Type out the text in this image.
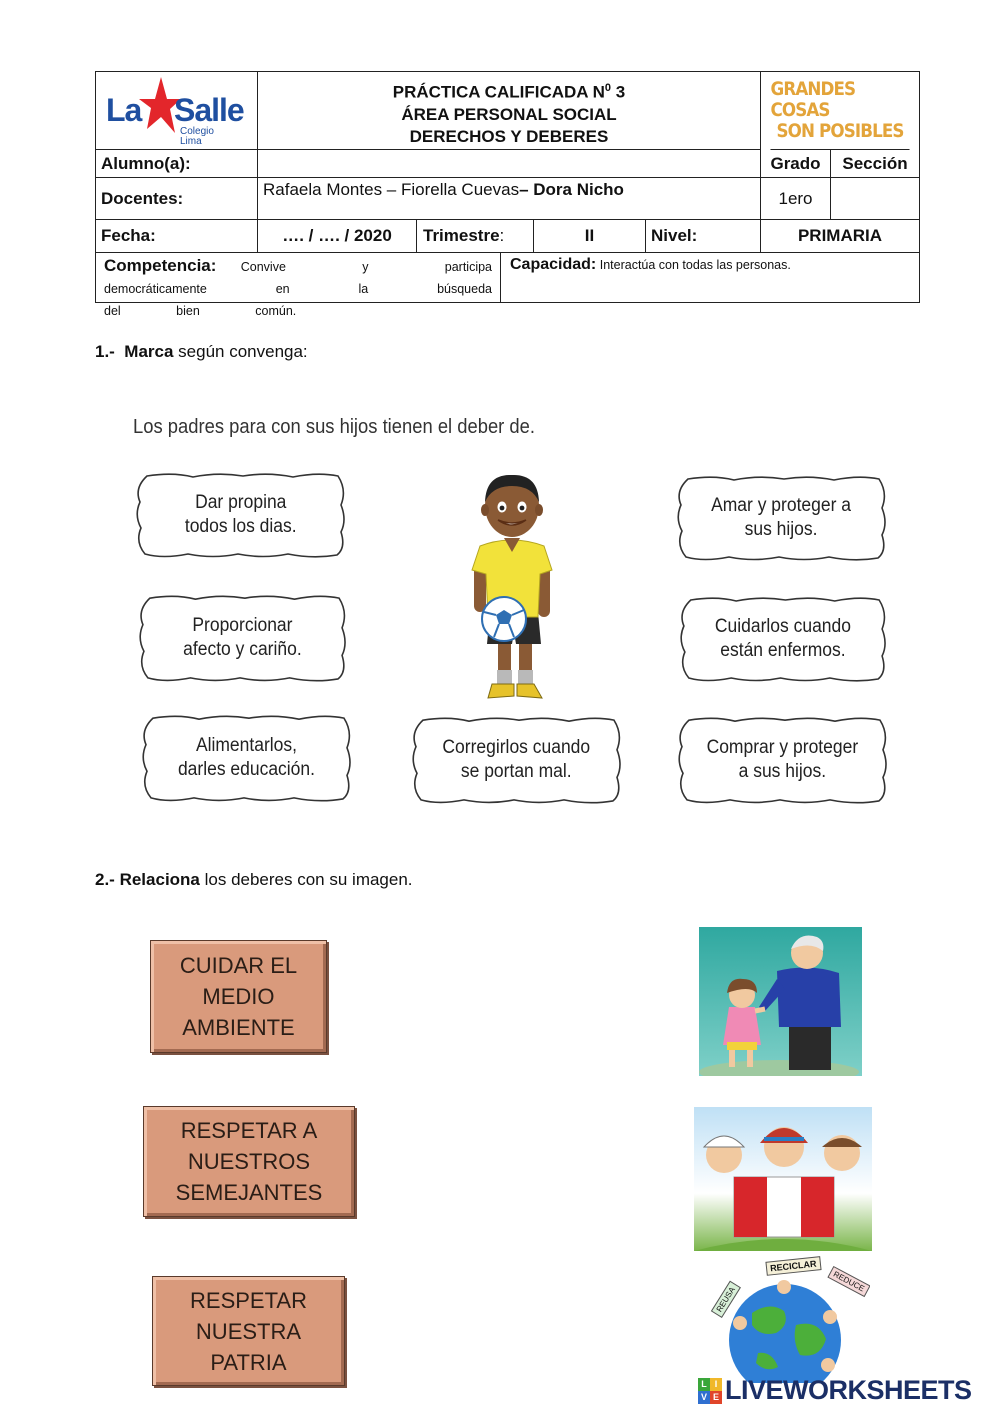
La Salle
Colegio
Lima
PRÁCTICA CALIFICADA $N^0$ 3
ÁREA PERSONAL SOCIAL
DERECHOS Y DEBERES
GRANDES COSAS
SON POSIBLES
Alumno(a):	Grado	Sección
Docentes:	Rafaela Montes – Fiorella Cuevas – Dora Nicho	1ero
Fecha:	…. / …. / 2020	Trimestre :	II	Nivel:	PRIMARIA
Competencia: Convive y participa democráticamente en la búsqueda del bien común.
Capacidad: Interactúa con todas las personas.
1.- Marca según convenga:
Los padres para con sus hijos tienen el deber de.
Dar propina
todos los dias.
Amar y proteger a
sus hijos.
Proporcionar
afecto y cariño.
Cuidarlos cuando
están enfermos.
Alimentarlos,
darles educación.
Corregirlos cuando
se portan mal.
Comprar y proteger
a sus hijos.
2.- Relaciona los deberes con su imagen.
CUIDAR EL
MEDIO
AMBIENTE
RESPETAR A
NUESTROS
SEMEJANTES
RESPETAR
NUESTRA
PATRIA
RECICLAR
REDUCE
REUSA
L I
V E LIVEWORKSHEETS
